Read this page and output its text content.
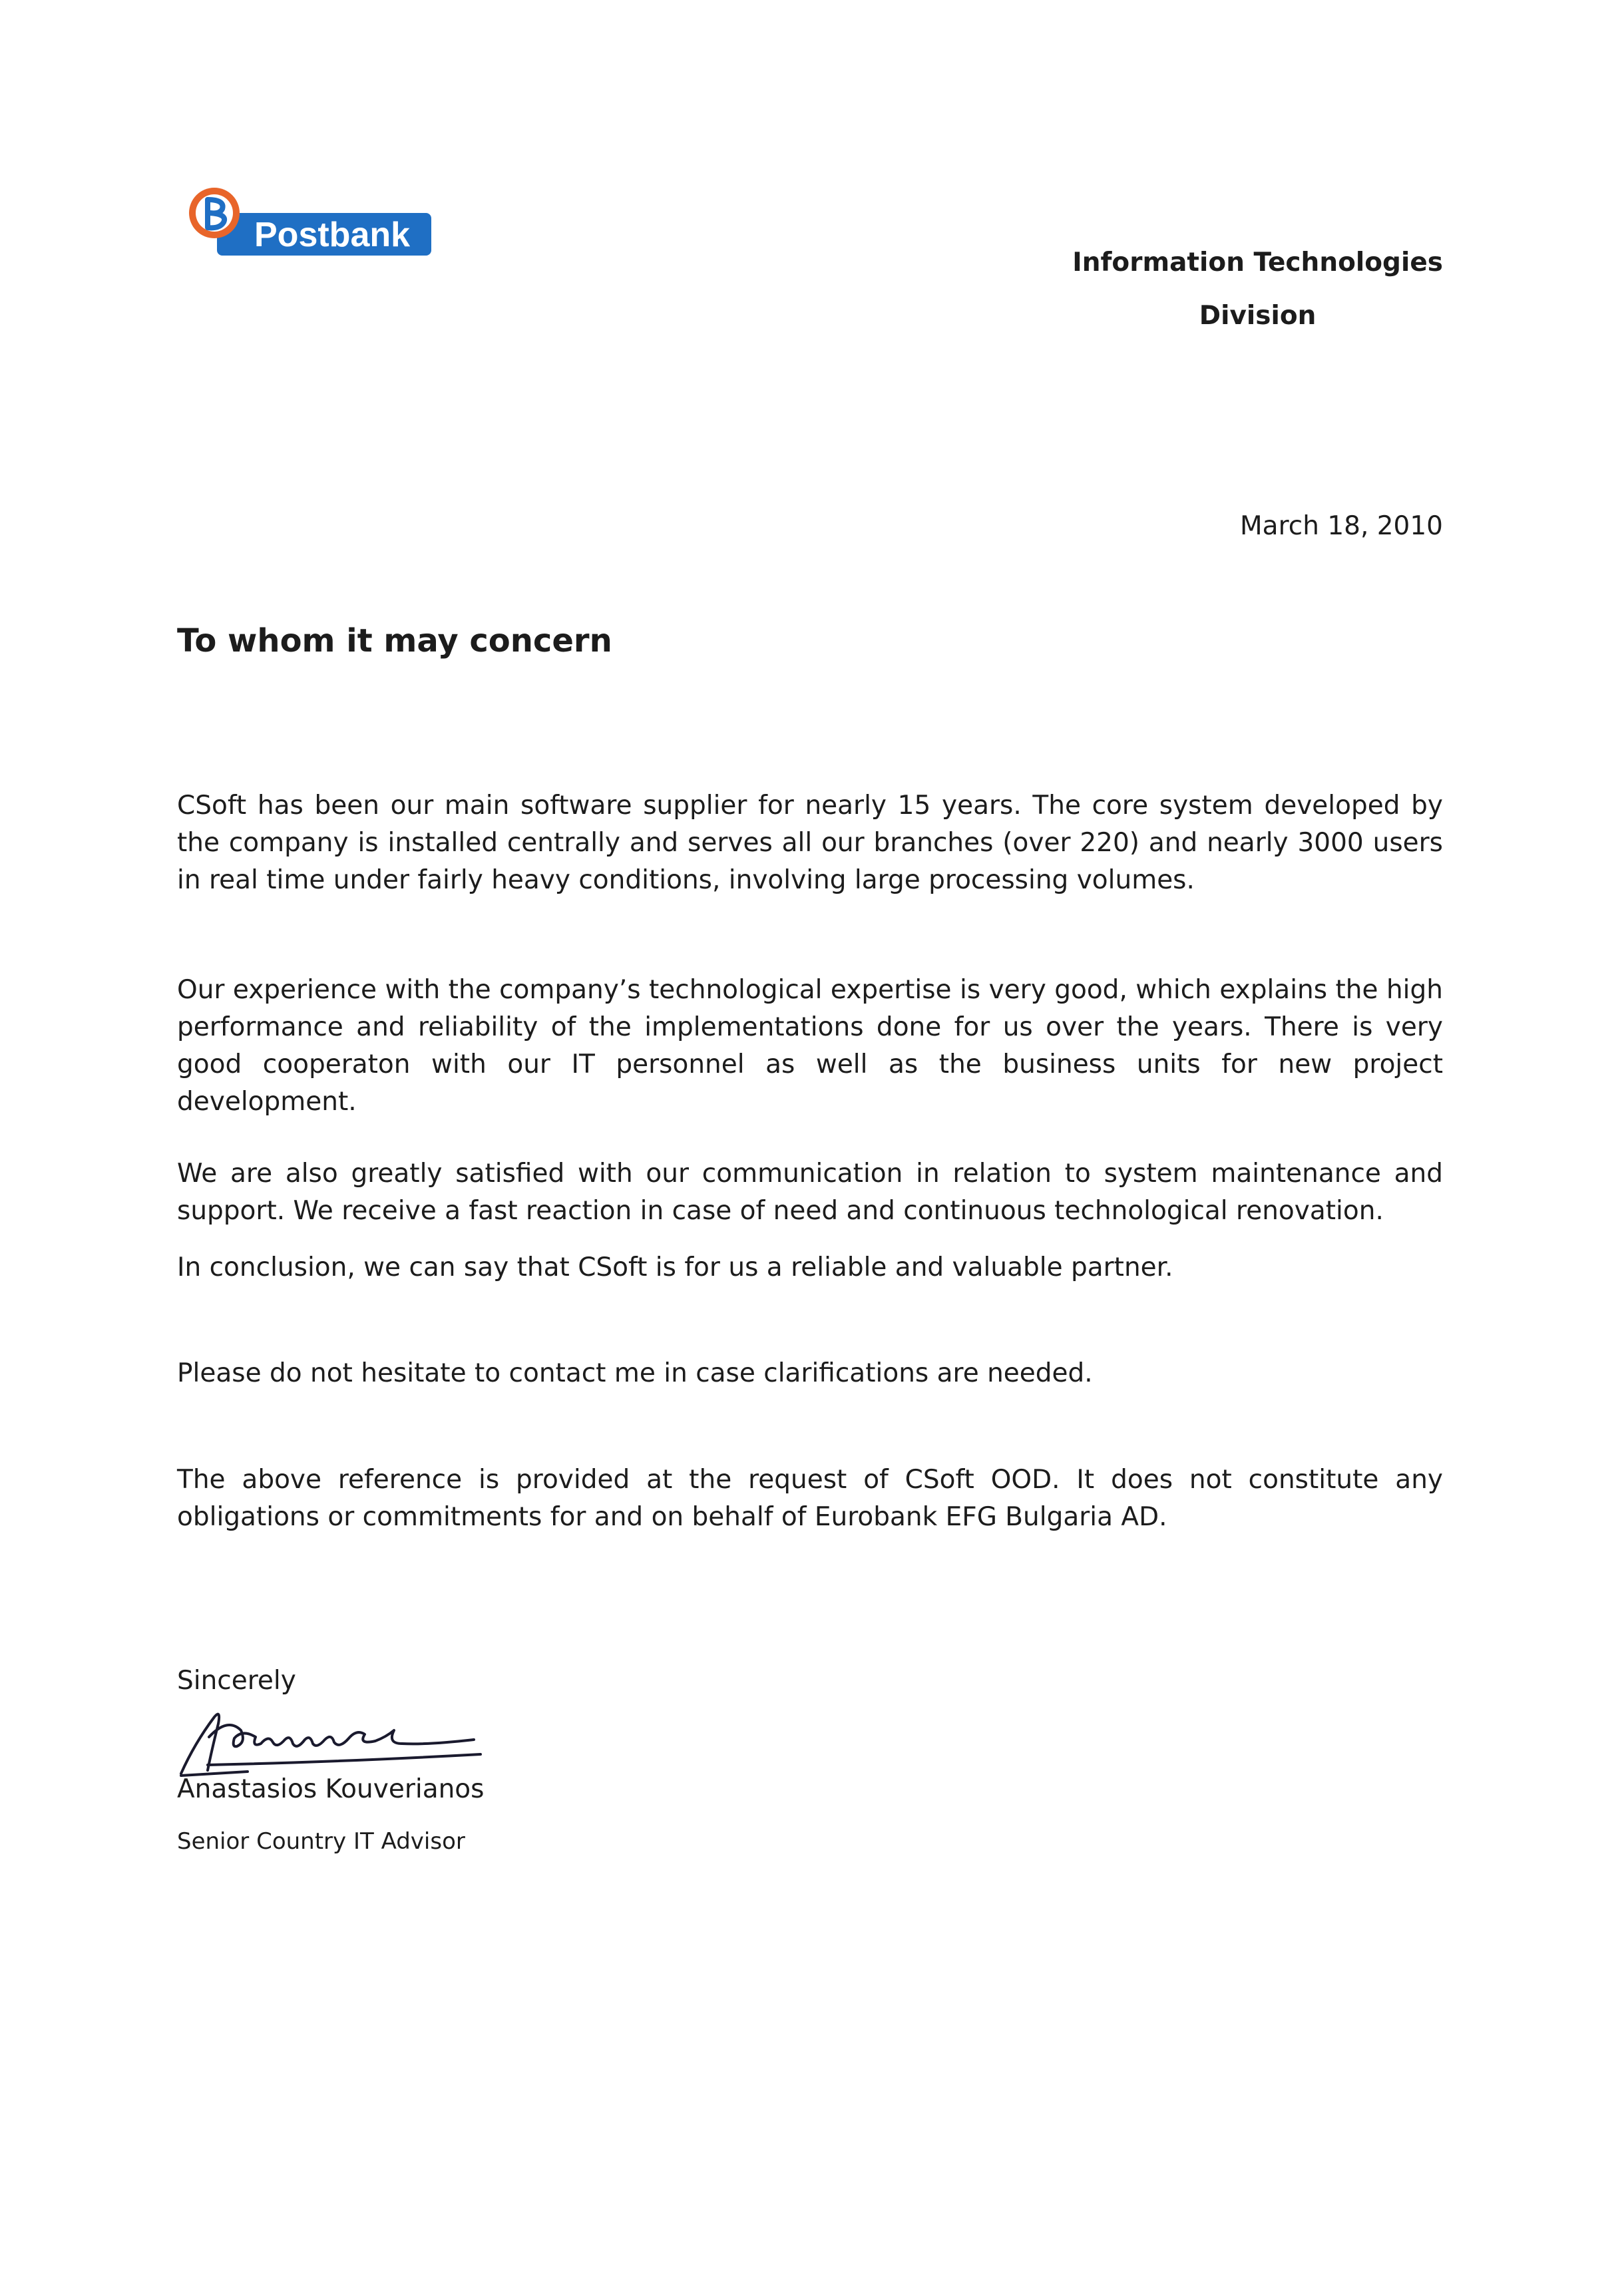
Postbank
Information Technologies
Division
March 18, 2010
To whom it may concern

CSoft has been our main software supplier for nearly 15 years. The core system developed by the company is installed centrally and serves all our branches (over 220) and nearly 3000 users in real time under fairly heavy conditions, involving large processing volumes.

Our experience with the company’s technological expertise is very good, which explains the high performance and reliability of the implementations done for us over the years. There is very good cooperaton with our IT personnel as well as the business units for new project development.

We are also greatly satisfied with our communication in relation to system maintenance and support. We receive a fast reaction in case of need and continuous technological renovation.

In conclusion, we can say that CSoft is for us a reliable and valuable partner.

Please do not hesitate to contact me in case clarifications are needed.

The above reference is provided at the request of CSoft OOD. It does not constitute any obligations or commitments for and on behalf of Eurobank EFG Bulgaria AD.

Sincerely
Anastasios Kouverianos
Senior Country IT Advisor
